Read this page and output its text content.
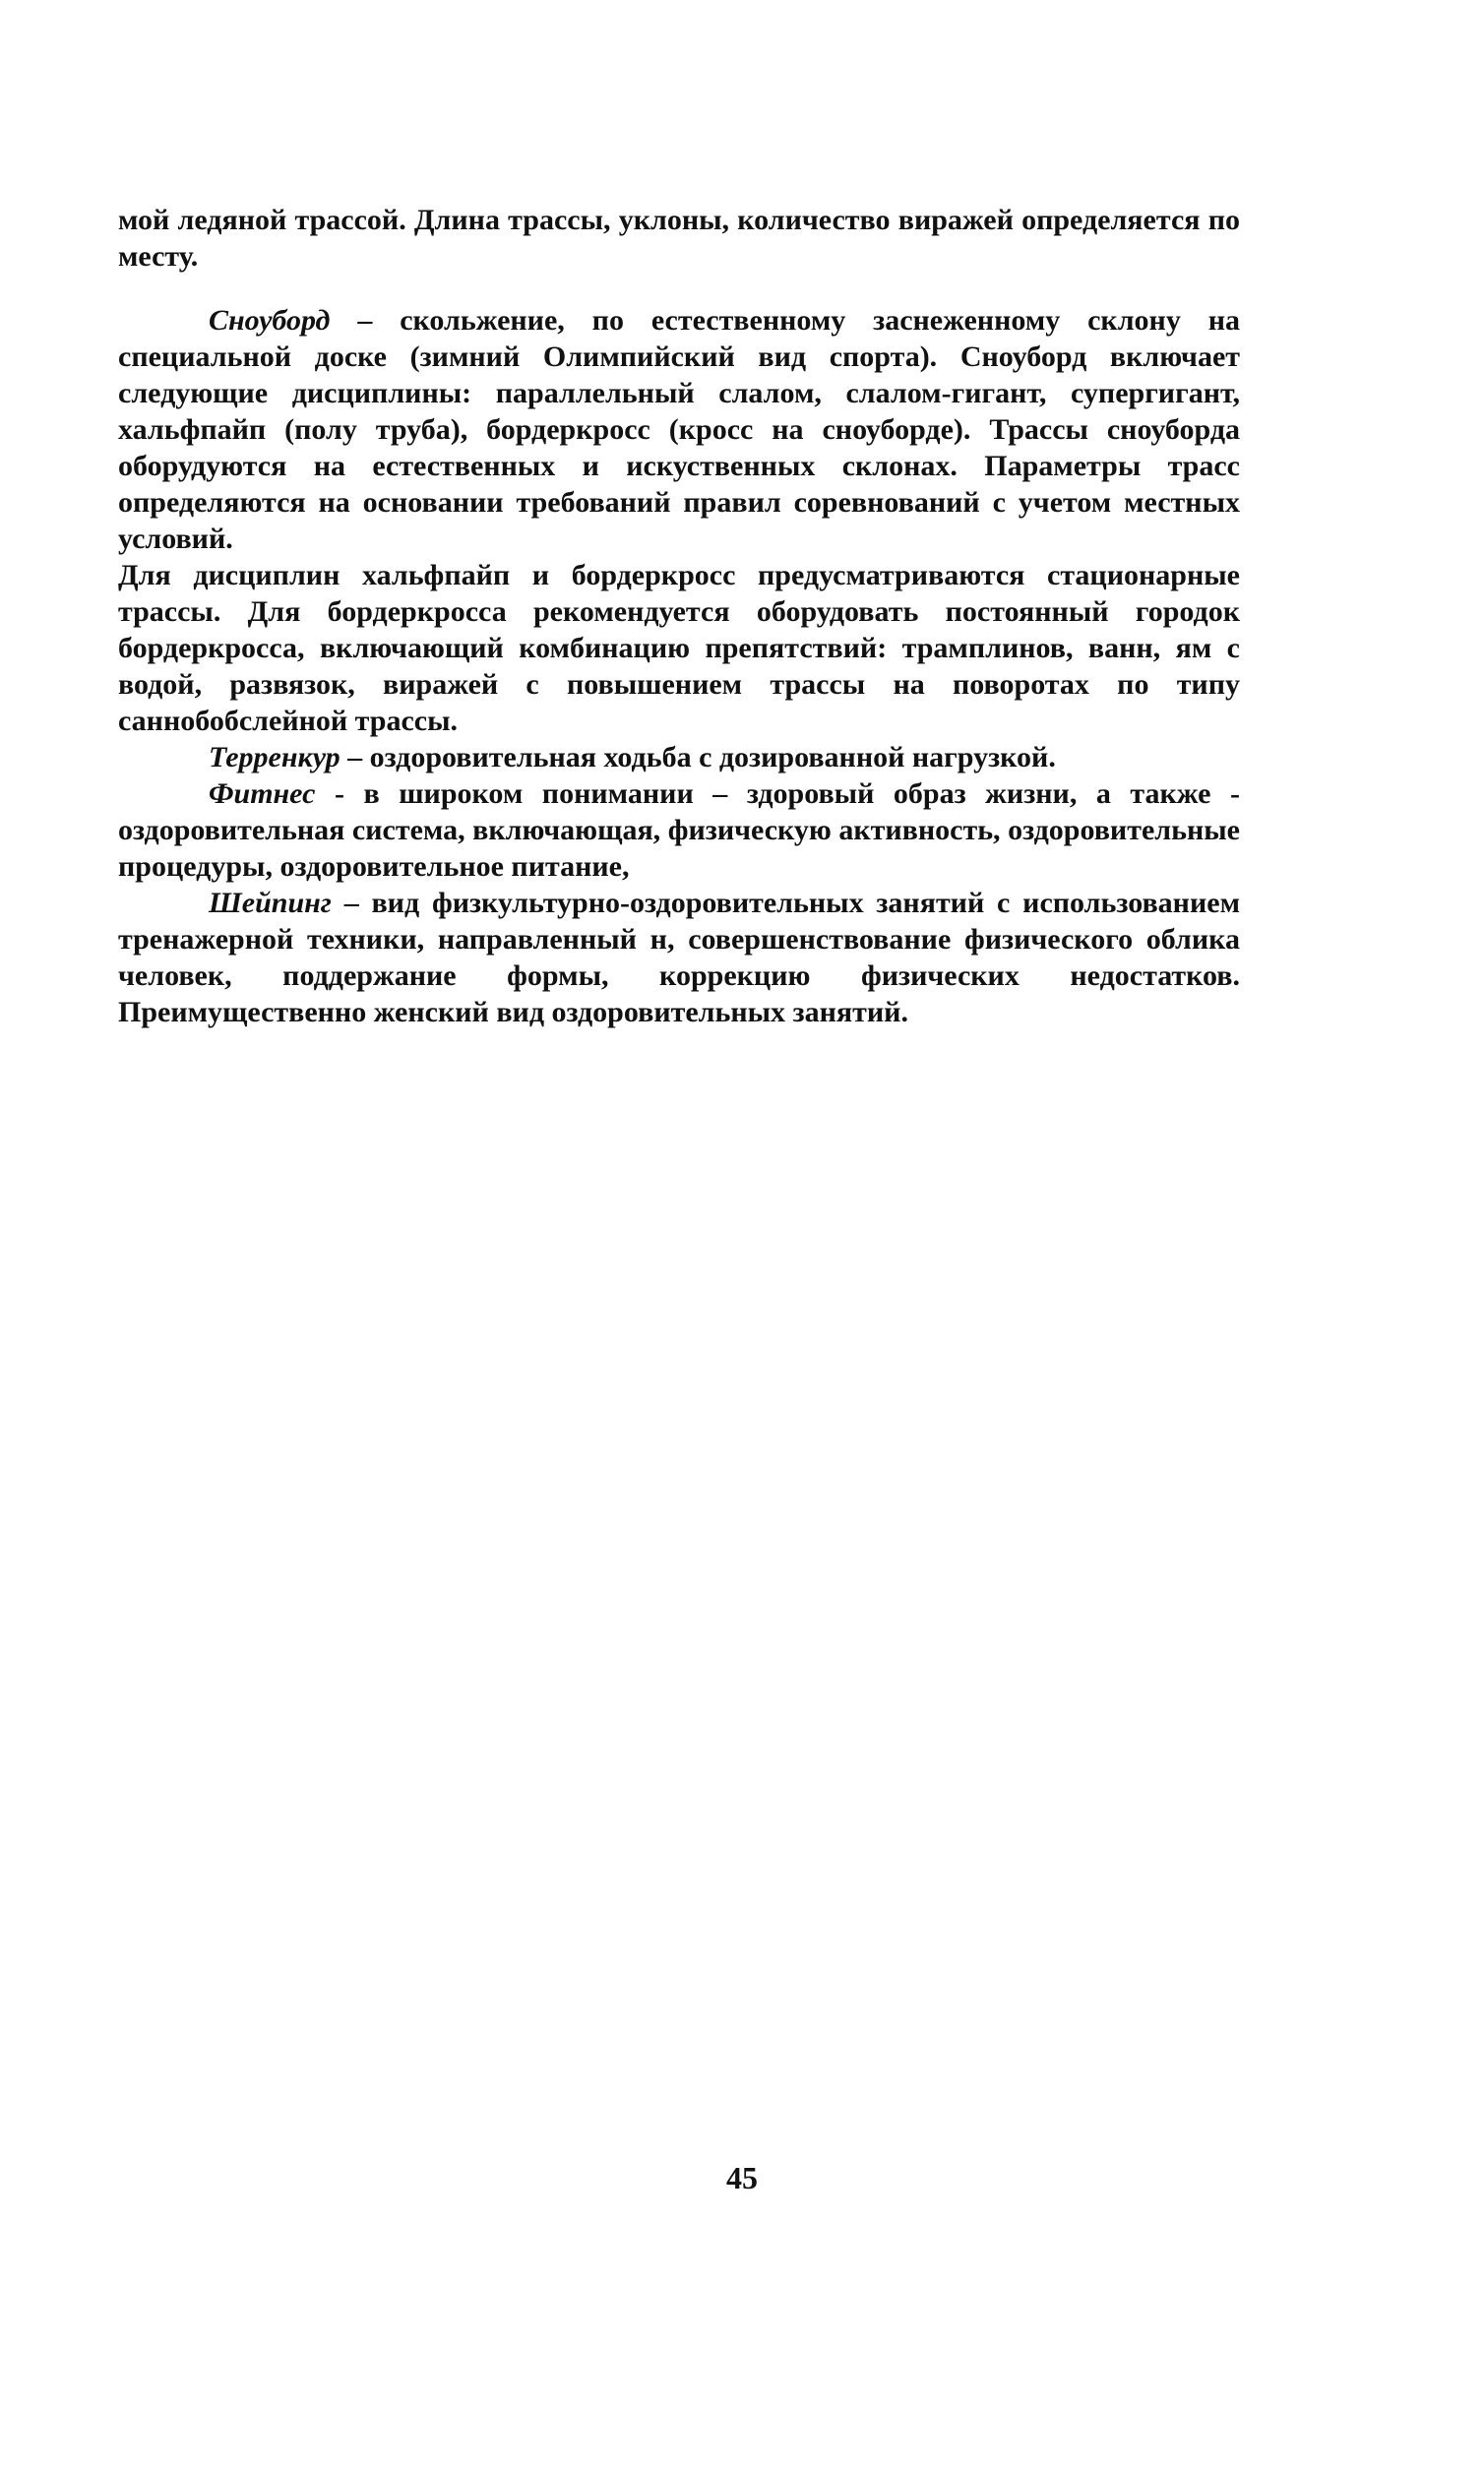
мой ледяной трассой. Длина трассы, уклоны, количество виражей определяется по месту.

Сноуборд – скольжение, по естественному заснеженному склону на специальной доске (зимний Олимпийский вид спорта). Сноуборд включает следующие дисциплины: параллельный слалом, слалом-гигант, супергигант, хальфпайп (полу труба), бордеркросс (кросс на сноуборде). Трассы сноуборда оборудуются на естественных и искуственных склонах. Параметры трасс определяются на основании требований правил соревнований с учетом местных условий.

Для дисциплин хальфпайп и бордеркросс предусматриваются стационарные трассы. Для бордеркросса рекомендуется оборудовать постоянный городок бордеркросса, включающий комбинацию препятствий: трамплинов, ванн, ям с водой, развязок, виражей с повышением трассы на поворотах по типу саннобобслейной трассы.

Терренкур – оздоровительная ходьба с дозированной нагрузкой.

Фитнес - в широком понимании – здоровый образ жизни, а также - оздоровительная система, включающая, физическую активность, оздоровительные процедуры, оздоровительное питание,

Шейпинг – вид физкультурно-оздоровительных занятий с использованием тренажерной техники, направленный н, совершенствование физического облика человек, поддержание формы, коррекцию физических недостатков. Преимущественно женский вид оздоровительных занятий.

45
